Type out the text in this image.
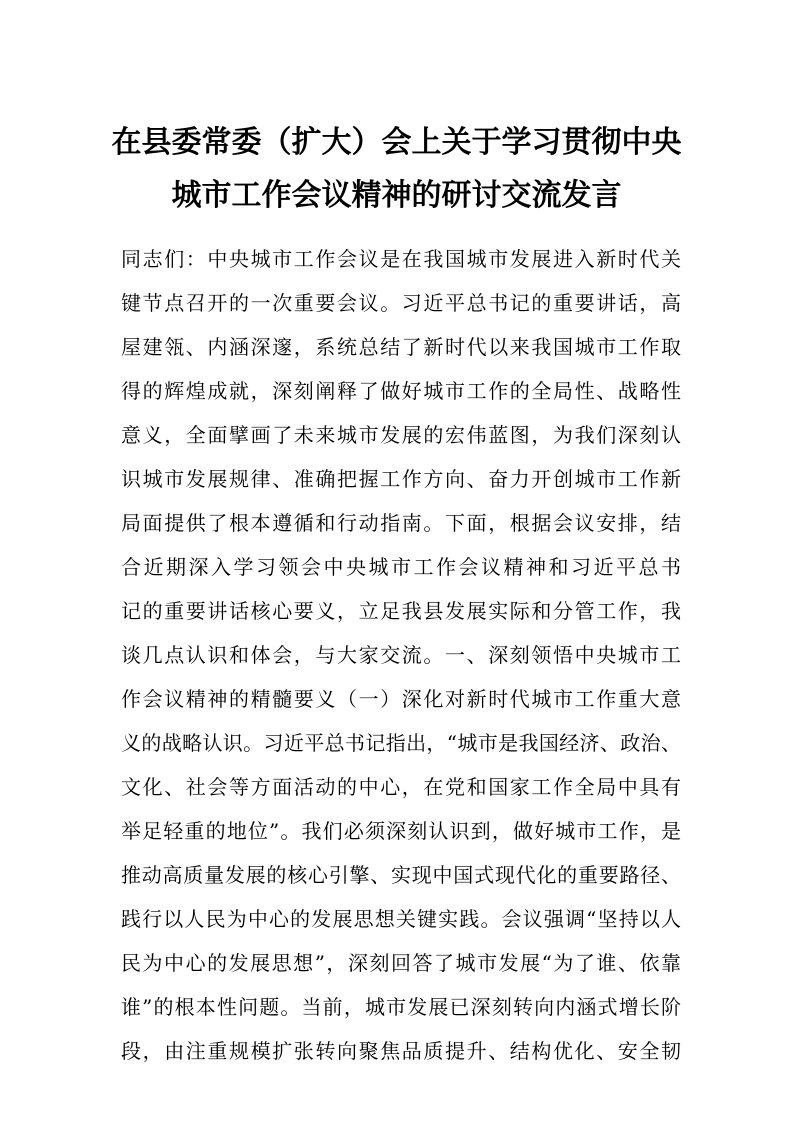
在县委常委（扩大）会上关于学习贯彻中央
城市工作会议精神的研讨交流发言
同志们：中央城市工作会议是在我国城市发展进入新时代关
键节点召开的一次重要会议。习近平总书记的重要讲话，高
屋建瓴、内涵深邃，系统总结了新时代以来我国城市工作取
得的辉煌成就，深刻阐释了做好城市工作的全局性、战略性
意义，全面擘画了未来城市发展的宏伟蓝图，为我们深刻认
识城市发展规律、准确把握工作方向、奋力开创城市工作新
局面提供了根本遵循和行动指南。下面，根据会议安排，结
合近期深入学习领会中央城市工作会议精神和习近平总书
记的重要讲话核心要义，立足我县发展实际和分管工作，我
谈几点认识和体会，与大家交流。一、深刻领悟中央城市工
作会议精神的精髓要义（一）深化对新时代城市工作重大意
义的战略认识。习近平总书记指出，“城市是我国经济、政治、
文化、社会等方面活动的中心，在党和国家工作全局中具有
举足轻重的地位”。我们必须深刻认识到，做好城市工作，是
推动高质量发展的核心引擎、实现中国式现代化的重要路径、
践行以人民为中心的发展思想关键实践。会议强调“坚持以人
民为中心的发展思想”，深刻回答了城市发展“为了谁、依靠
谁”的根本性问题。当前，城市发展已深刻转向内涵式增长阶
段，由注重规模扩张转向聚焦品质提升、结构优化、安全韧
